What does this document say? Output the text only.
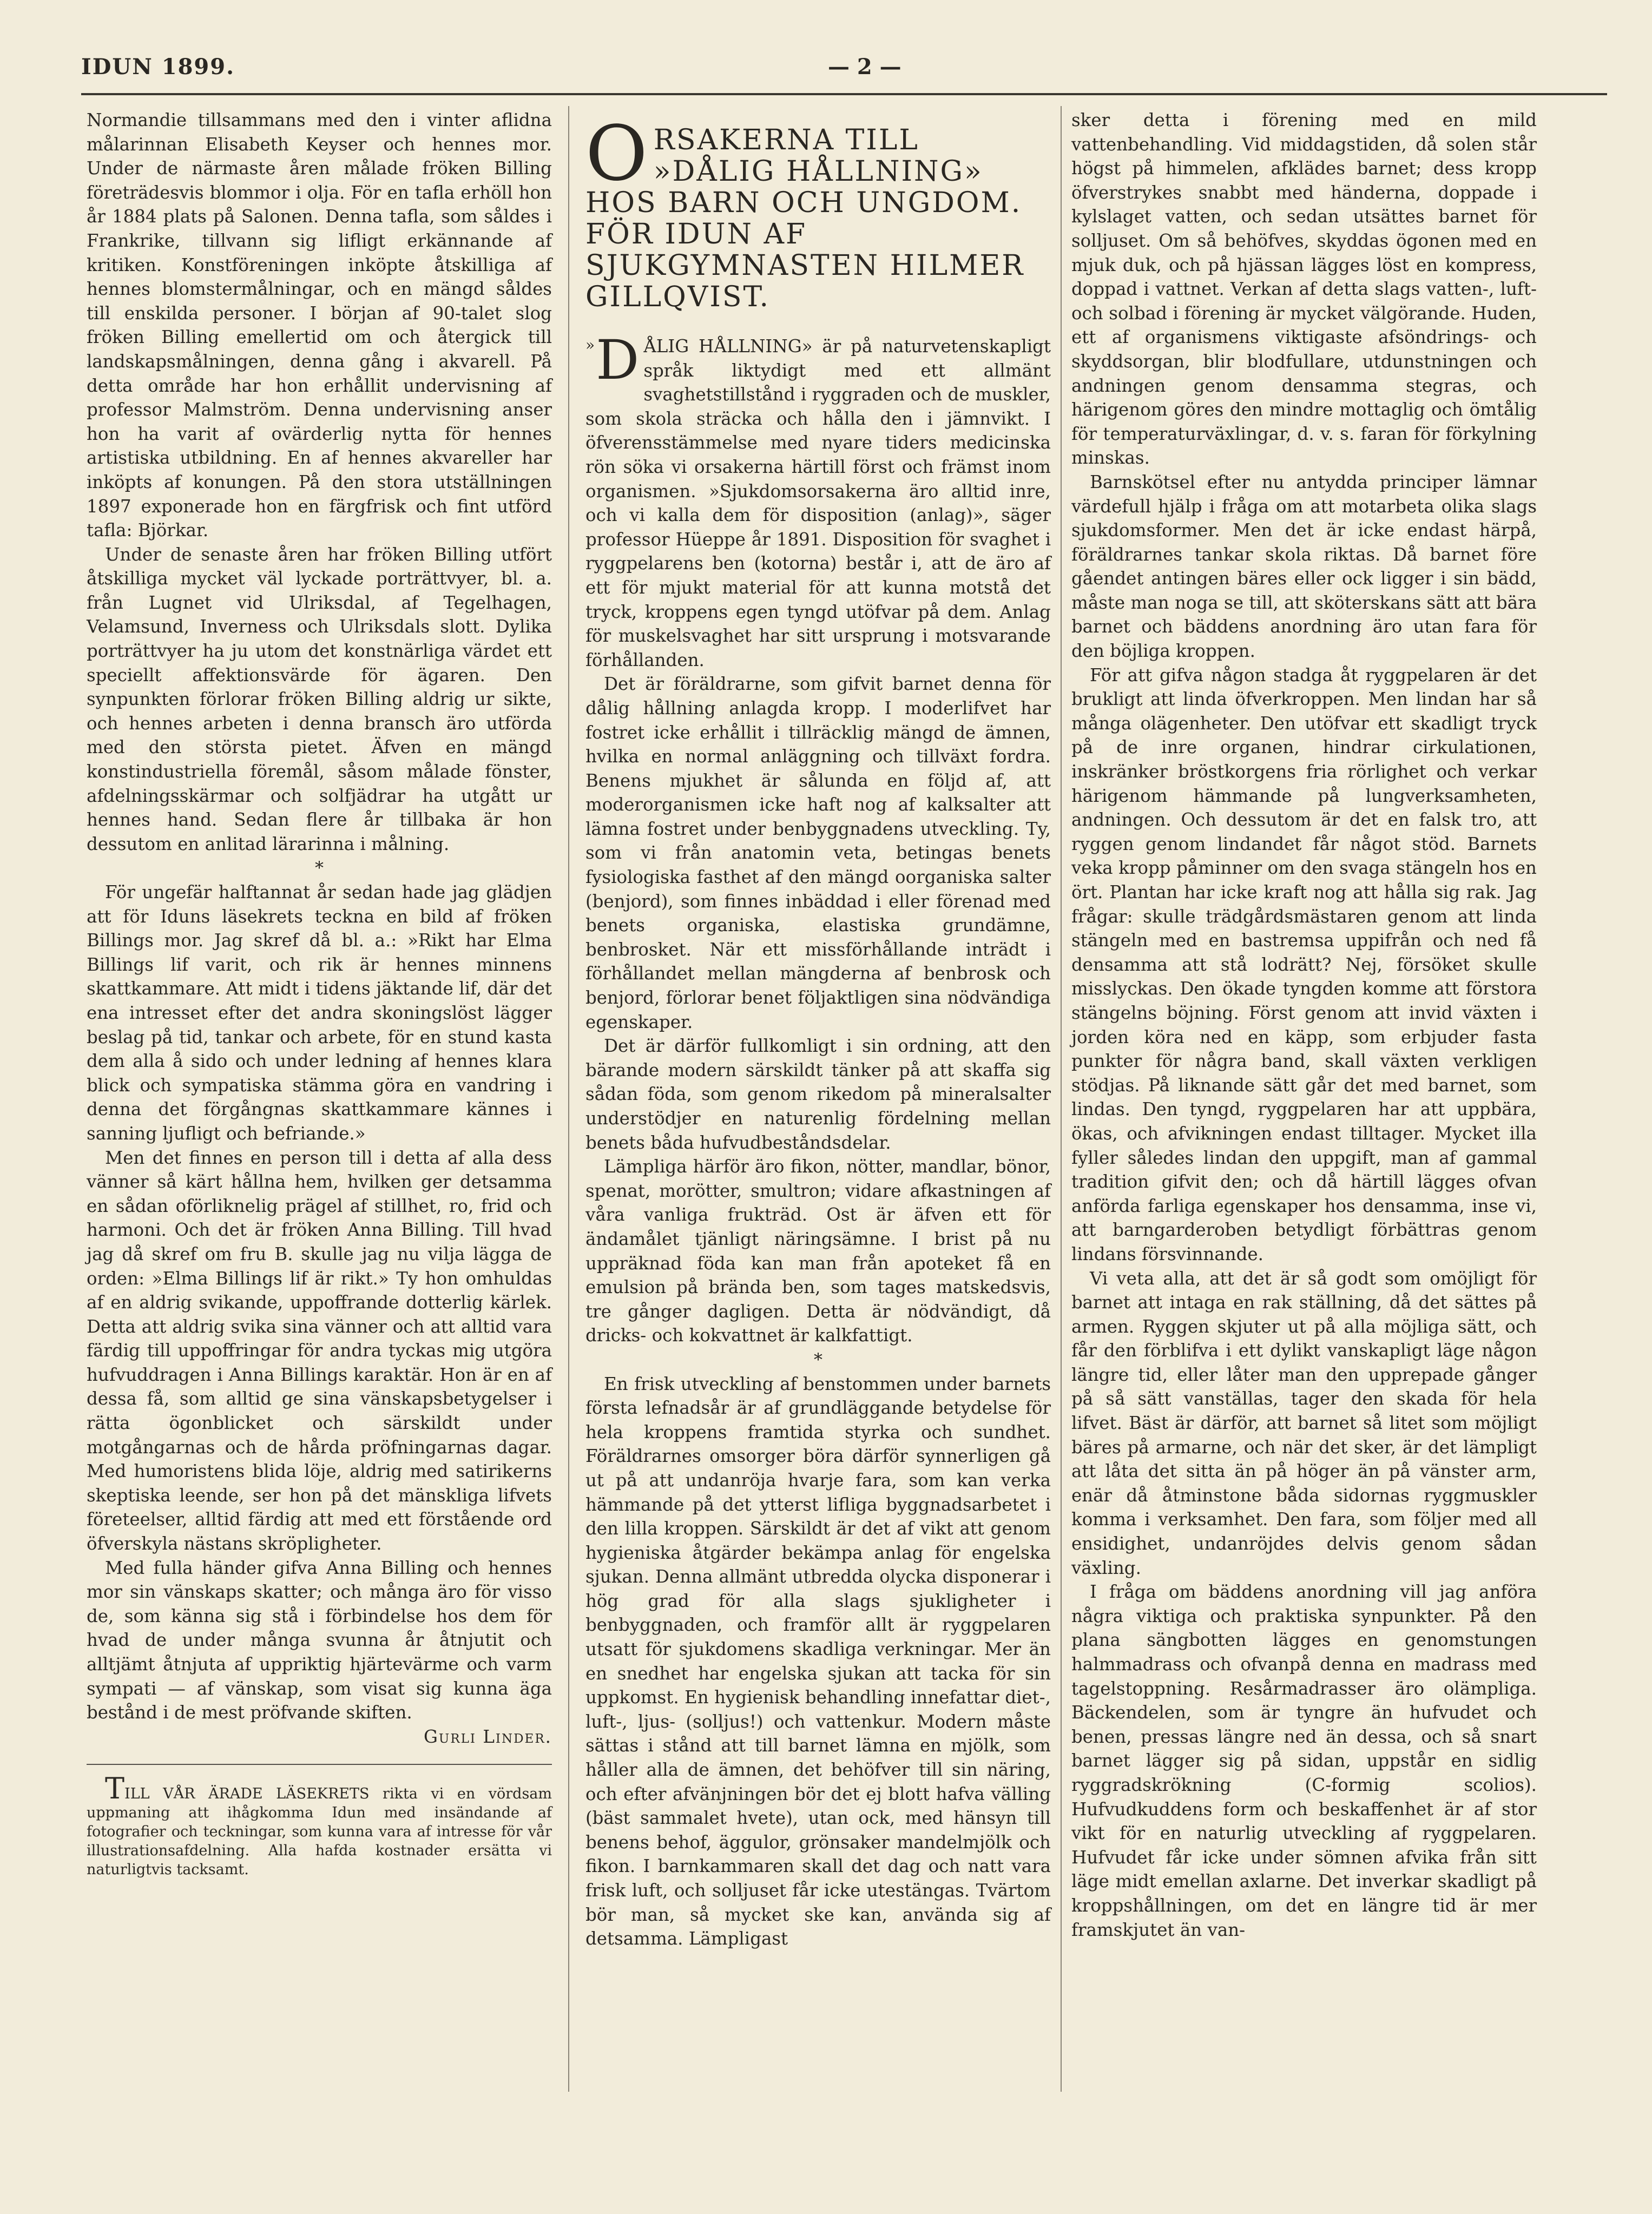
IDUN 1899.	— 2 —

Normandie tillsammans med den i vinter aflidna målarinnan Elisabeth Keyser och hennes mor. Under de närmaste åren målade fröken Billing företrädesvis blommor i olja. För en tafla erhöll hon år 1884 plats på Salonen. Denna tafla, som såldes i Frankrike, tillvann sig lifligt erkännande af kritiken. Konstföreningen inköpte åtskilliga af hennes blomstermålningar, och en mängd såldes till enskilda personer. I början af 90-talet slog fröken Billing emellertid om och återgick till landskapsmålningen, denna gång i akvarell. På detta område har hon erhållit undervisning af professor Malmström. Denna undervisning anser hon ha varit af ovärderlig nytta för hennes artistiska utbildning. En af hennes akvareller har inköpts af konungen. På den stora utställningen 1897 exponerade hon en färgfrisk och fint utförd tafla: Björkar.

Under de senaste åren har fröken Billing utfört åtskilliga mycket väl lyckade porträttvyer, bl. a. från Lugnet vid Ulriksdal, af Tegelhagen, Velamsund, Inverness och Ulriksdals slott. Dylika porträttvyer ha ju utom det konstnärliga värdet ett speciellt affektionsvärde för ägaren. Den synpunkten förlorar fröken Billing aldrig ur sikte, och hennes arbeten i denna bransch äro utförda med den största pietet. Äfven en mängd konstindustriella föremål, såsom målade fönster, afdelningsskärmar och solfjädrar ha utgått ur hennes hand. Sedan flere år tillbaka är hon dessutom en anlitad lärarinna i målning.

*

För ungefär halftannat år sedan hade jag glädjen att för Iduns läsekrets teckna en bild af fröken Billings mor. Jag skref då bl. a.: »Rikt har Elma Billings lif varit, och rik är hennes minnens skattkammare. Att midt i tidens jäktande lif, där det ena intresset efter det andra skoningslöst lägger beslag på tid, tankar och arbete, för en stund kasta dem alla å sido och under ledning af hennes klara blick och sympatiska stämma göra en vandring i denna det förgångnas skattkammare kännes i sanning ljufligt och befriande.»

Men det finnes en person till i detta af alla dess vänner så kärt hållna hem, hvilken ger detsamma en sådan oförliknelig prägel af stillhet, ro, frid och harmoni. Och det är fröken Anna Billing. Till hvad jag då skref om fru B. skulle jag nu vilja lägga de orden: »Elma Billings lif är rikt.» Ty hon omhuldas af en aldrig svikande, uppoffrande dotterlig kärlek. Detta att aldrig svika sina vänner och att alltid vara färdig till uppoffringar för andra tyckas mig utgöra hufvuddragen i Anna Billings karaktär. Hon är en af dessa få, som alltid ge sina vänskapsbetygelser i rätta ögonblicket och särskildt under motgångarnas och de hårda pröfningarnas dagar. Med humoristens blida löje, aldrig med satirikerns skeptiska leende, ser hon på det mänskliga lifvets företeelser, alltid färdig att med ett förstående ord öfverskyla nästans skröpligheter.

Med fulla händer gifva Anna Billing och hennes mor sin vänskaps skatter; och många äro för visso de, som känna sig stå i förbindelse hos dem för hvad de under många svunna år åtnjutit och alltjämt åtnjuta af uppriktig hjärtevärme och varm sympati — af vänskap, som visat sig kunna äga bestånd i de mest pröfvande skiften.

Gurli Linder.

TILL VÅR ÄRADE LÄSEKRETS rikta vi en vördsam uppmaning att ihågkomma Idun med insändande af fotografier och teckningar, som kunna vara af intresse för vår illustrationsafdelning. Alla hafda kostnader ersätta vi naturligtvis tacksamt.

ORSAKERNA TILL »DÅLIG HÅLLNING» HOS BARN OCH UNGDOM. FÖR IDUN AF SJUKGYMNASTEN HILMER GILLQVIST.

» D ÅLIG HÅLLNING» är på naturvetenskapligt språk liktydigt med ett allmänt svaghetstillstånd i ryggraden och de muskler, som skola sträcka och hålla den i jämnvikt. I öfverensstämmelse med nyare tiders medicinska rön söka vi orsakerna härtill först och främst inom organismen. »Sjukdomsorsakerna äro alltid inre, och vi kalla dem för disposition (anlag)», säger professor Hüeppe år 1891. Disposition för svaghet i ryggpelarens ben (kotorna) består i, att de äro af ett för mjukt material för att kunna motstå det tryck, kroppens egen tyngd utöfvar på dem. Anlag för muskelsvaghet har sitt ursprung i motsvarande förhållanden.

Det är föräldrarne, som gifvit barnet denna för dålig hållning anlagda kropp. I moderlifvet har fostret icke erhållit i tillräcklig mängd de ämnen, hvilka en normal anläggning och tillväxt fordra. Benens mjukhet är sålunda en följd af, att moderorganismen icke haft nog af kalksalter att lämna fostret under benbyggnadens utveckling. Ty, som vi från anatomin veta, betingas benets fysiologiska fasthet af den mängd oorganiska salter (benjord), som finnes inbäddad i eller förenad med benets organiska, elastiska grundämne, benbrosket. När ett missförhållande inträdt i förhållandet mellan mängderna af benbrosk och benjord, förlorar benet följaktligen sina nödvändiga egenskaper.

Det är därför fullkomligt i sin ordning, att den bärande modern särskildt tänker på att skaffa sig sådan föda, som genom rikedom på mineralsalter understödjer en naturenlig fördelning mellan benets båda hufvudbeståndsdelar.

Lämpliga härför äro fikon, nötter, mandlar, bönor, spenat, morötter, smultron; vidare afkastningen af våra vanliga frukträd. Ost är äfven ett för ändamålet tjänligt näringsämne. I brist på nu uppräknad föda kan man från apoteket få en emulsion på brända ben, som tages matskedsvis, tre gånger dagligen. Detta är nödvändigt, då dricks- och kokvattnet är kalkfattigt.

*

En frisk utveckling af benstommen under barnets första lefnadsår är af grundläggande betydelse för hela kroppens framtida styrka och sundhet. Föräldrarnes omsorger böra därför synnerligen gå ut på att undanröja hvarje fara, som kan verka hämmande på det ytterst lifliga byggnadsarbetet i den lilla kroppen. Särskildt är det af vikt att genom hygieniska åtgärder bekämpa anlag för engelska sjukan. Denna allmänt utbredda olycka disponerar i hög grad för alla slags sjukligheter i benbyggnaden, och framför allt är ryggpelaren utsatt för sjukdomens skadliga verkningar. Mer än en snedhet har engelska sjukan att tacka för sin uppkomst. En hygienisk behandling innefattar diet-, luft-, ljus- (solljus!) och vattenkur. Modern måste sättas i stånd att till barnet lämna en mjölk, som håller alla de ämnen, det behöfver till sin näring, och efter afvänjningen bör det ej blott hafva välling (bäst sammalet hvete), utan ock, med hänsyn till benens behof, äggulor, grönsaker mandelmjölk och fikon. I barnkammaren skall det dag och natt vara frisk luft, och solljuset får icke utestängas. Tvärtom bör man, så mycket ske kan, använda sig af detsamma. Lämpligast

sker detta i förening med en mild vattenbehandling. Vid middagstiden, då solen står högst på himmelen, afklädes barnet; dess kropp öfverstrykes snabbt med händerna, doppade i kylslaget vatten, och sedan utsättes barnet för solljuset. Om så behöfves, skyddas ögonen med en mjuk duk, och på hjässan lägges löst en kompress, doppad i vattnet. Verkan af detta slags vatten-, luft- och solbad i förening är mycket välgörande. Huden, ett af organismens viktigaste afsöndrings- och skyddsorgan, blir blodfullare, utdunstningen och andningen genom densamma stegras, och härigenom göres den mindre mottaglig och ömtålig för temperaturväxlingar, d. v. s. faran för förkylning minskas.

Barnskötsel efter nu antydda principer lämnar värdefull hjälp i fråga om att motarbeta olika slags sjukdomsformer. Men det är icke endast härpå, föräldrarnes tankar skola riktas. Då barnet före gåendet antingen bäres eller ock ligger i sin bädd, måste man noga se till, att sköterskans sätt att bära barnet och bäddens anordning äro utan fara för den böjliga kroppen.

För att gifva någon stadga åt ryggpelaren är det brukligt att linda öfverkroppen. Men lindan har så många olägenheter. Den utöfvar ett skadligt tryck på de inre organen, hindrar cirkulationen, inskränker bröstkorgens fria rörlighet och verkar härigenom hämmande på lungverksamheten, andningen. Och dessutom är det en falsk tro, att ryggen genom lindandet får något stöd. Barnets veka kropp påminner om den svaga stängeln hos en ört. Plantan har icke kraft nog att hålla sig rak. Jag frågar: skulle trädgårdsmästaren genom att linda stängeln med en bastremsa uppifrån och ned få densamma att stå lodrätt? Nej, försöket skulle misslyckas. Den ökade tyngden komme att förstora stängelns böjning. Först genom att invid växten i jorden köra ned en käpp, som erbjuder fasta punkter för några band, skall växten verkligen stödjas. På liknande sätt går det med barnet, som lindas. Den tyngd, ryggpelaren har att uppbära, ökas, och afvikningen endast tilltager. Mycket illa fyller således lindan den uppgift, man af gammal tradition gifvit den; och då härtill lägges ofvan anförda farliga egenskaper hos densamma, inse vi, att barngarderoben betydligt förbättras genom lindans försvinnande.

Vi veta alla, att det är så godt som omöjligt för barnet att intaga en rak ställning, då det sättes på armen. Ryggen skjuter ut på alla möjliga sätt, och får den förblifva i ett dylikt vanskapligt läge någon längre tid, eller låter man den upprepade gånger på så sätt vanställas, tager den skada för hela lifvet. Bäst är därför, att barnet så litet som möjligt bäres på armarne, och när det sker, är det lämpligt att låta det sitta än på höger än på vänster arm, enär då åtminstone båda sidornas ryggmuskler komma i verksamhet. Den fara, som följer med all ensidighet, undanröjdes delvis genom sådan växling.

I fråga om bäddens anordning vill jag anföra några viktiga och praktiska synpunkter. På den plana sängbotten lägges en genomstungen halmmadrass och ofvanpå denna en madrass med tagelstoppning. Resårmadrasser äro olämpliga. Bäckendelen, som är tyngre än hufvudet och benen, pressas längre ned än dessa, och så snart barnet lägger sig på sidan, uppstår en sidlig ryggradskrökning (C-formig scolios). Hufvudkuddens form och beskaffenhet är af stor vikt för en naturlig utveckling af ryggpelaren. Hufvudet får icke under sömnen afvika från sitt läge midt emellan axlarne. Det inverkar skadligt på kroppshållningen, om det en längre tid är mer framskjutet än van-
